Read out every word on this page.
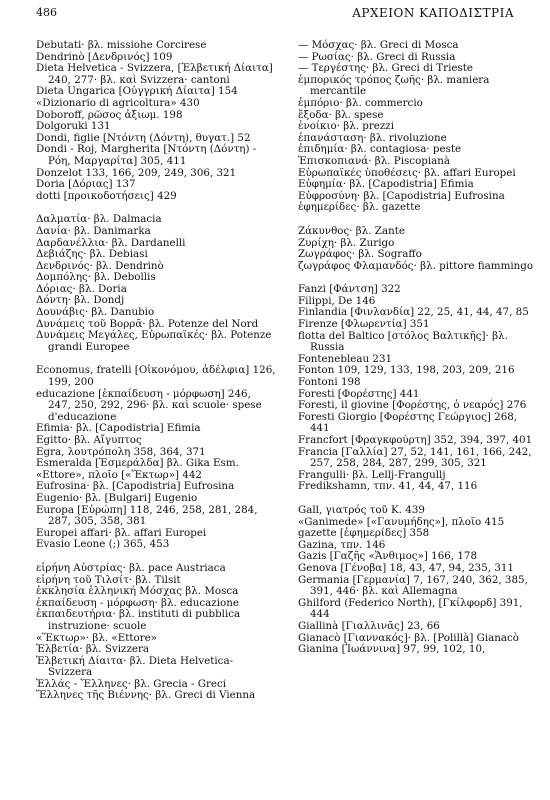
486	ΑΡΧΕΙΟΝ ΚΑΠΟΔΙΣΤΡΙΑ

Debutati· βλ. missiohe Corcirese

Dendrinò [Δενδρινός] 109

Dieta Helvetica - Svizzera, [Ἑλβετική Δίαιτα] 240, 277· βλ. καὶ Svizzera· cantoni

Dieta Ungarica [Οὐγγρική Δίαιτα] 154

«Dizionario di agricoltura» 430

Doboroff, ρῶσος ἀξιωμ. 198

Dolgoruki 131

Dondi, figlie [Ντόντη (Δόντη), θυγατ.] 52

Dondi - Roj, Margherita [Ντόντη (Δόντη) - Ρόη, Μαργαρίτα] 305, 411

Donzelot 133, 166, 209, 249, 306, 321

Doria [Δόριας] 137

dotti [προικοδοτήσεις] 429

Δαλματία· βλ. Dalmacia

Δανία· βλ. Danimarka

Δαρδανέλλια· βλ. Dardanelli

Δεβιάζης· βλ. Debiasi

Δενδρινός· βλ. Dendrinò

Δομπόλης· βλ. Debollis

Δόριας· βλ. Doria

Δόντη· βλ. Dondj

Δουνάβις· βλ. Danubio

Δυνάμεις τοῦ Βορρᾶ· βλ. Potenze del Nord

Δυνάμεις Μεγάλες, Εὐρωπαϊκές· βλ. Potenze grandi Europee

Economus, fratelli [Οἰκονόμου, ἀδέλφια] 126, 199, 200

educazione [ἐκπαίδευση - μόρφωση] 246, 247, 250, 292, 296· βλ. καὶ scuole· spese d'educazione

Efimia· βλ. [Capodistria] Efimia

Egitto· βλ. Αἴγυπτος

Egra, λουτρόπολη 358, 364, 371

Esmeralda [Ἐσμεράλδα] βλ. Gika Esm.

«Ettore», πλοῖο [«Ἕκτωρ»] 442

Eufrosina· βλ. [Capodistria] Eufrosina

Eugenio· βλ. [Bulgari] Eugenio

Europa [Εὐρώπη] 118, 246, 258, 281, 284, 287, 305, 358, 381

Europei affari· βλ. affari Europei

Evasio Leone (;) 365, 453

εἰρήνη Αὐστρίας· βλ. pace Austriaca

εἰρήνη τοῦ Τιλσίτ· βλ. Tilsit

ἐκκλησία ἑλληνική Μόσχας βλ. Mosca

ἐκπαίδευση - μόρφωση· βλ. educazione

ἐκπαιδευτήρια· βλ. instituti di pubblica instruzione· scuole

«Ἕκτωρ»· βλ. «Ettore»

Ἐλβετία· βλ. Svizzera

Ἑλβετική Δίαιτα· βλ. Dieta Helvetica-Svizzera

Ἑλλάς - Ἕλληνες· βλ. Grecia - Greci

Ἕλληνες τῆς Βιέννης· βλ. Greci di Vienna

— Μόσχας· βλ. Greci di Mosca

— Ρωσίας· βλ. Greci di Russia

— Τεργέστης· βλ. Greci di Trieste

ἐμπορικός τρόπος ζωῆς· βλ. maniera mercantile

ἐμπόριο· βλ. commercio

ἔξοδα· βλ. spese

ἐνοίκιο· βλ. prezzi

ἐπανάσταση· βλ. rivoluzione

ἐπιδημία· βλ. contagiosa· peste

Ἐπισκοπιανά· βλ. Piscopianà

Εὐρωπαϊκές ὑποθέσεις· βλ. affari Europei

Εὐφημία· βλ. [Capodistria] Efimia

Εὐφροσύνη· βλ. [Capodistria] Eufrosina

ἐφημερίδες· βλ. gazette

Ζάκυνθος· βλ. Zante

Ζυρίχη· βλ. Zurigo

Ζωγράφος· βλ. Sograffo

ζωγράφος Φλαμανδός· βλ. pittore fiammingo

Fanzi [Φάντση] 322

Filippi, De 146

Finlandia [Φινλανδία] 22, 25, 41, 44, 47, 85

Firenze [Φλωρεντία] 351

flotta del Baltico [στόλος Βαλτικῆς]· βλ. Russia

Fontenebleau 231

Fonton 109, 129, 133, 198, 203, 209, 216

Fontoni 198

Foresti [Φορέστης] 441

Foresti, il giovine [Φορέστης, ὁ νεαρός] 276

Foresti Giorgio [Φορέστης Γεώργιος] 268, 441

Francfort [Φραγκφούρτη] 352, 394, 397, 401

Francia [Γαλλία] 27, 52, 141, 161, 166, 242, 257, 258, 284, 287, 299, 305, 321

Frangulli· βλ. Lellj-Frangullj

Fredikshamn, τπν. 41, 44, 47, 116

Gall, γιατρός τοῦ Κ. 439

«Ganimede» [«Γανυμήδης»], πλοῖο 415

gazette [ἐφημερίδες] 358

Gazina, τπν. 146

Gazis [Γαζῆς «Ἄνθιμος»] 166, 178

Genova [Γένοβα] 18, 43, 47, 94, 235, 311

Germania [Γερμανία] 7, 167, 240, 362, 385, 391, 446· βλ. καὶ Allemagna

Ghilford (Federico North), [Γκίλφορδ] 391, 444

Giallinà [Γιαλλινᾶς] 23, 66

Gianacò [Γιαννακός]· βλ. [Polillà] Gianacò

Gianina [Ἰωάννινα] 97, 99, 102, 10,
